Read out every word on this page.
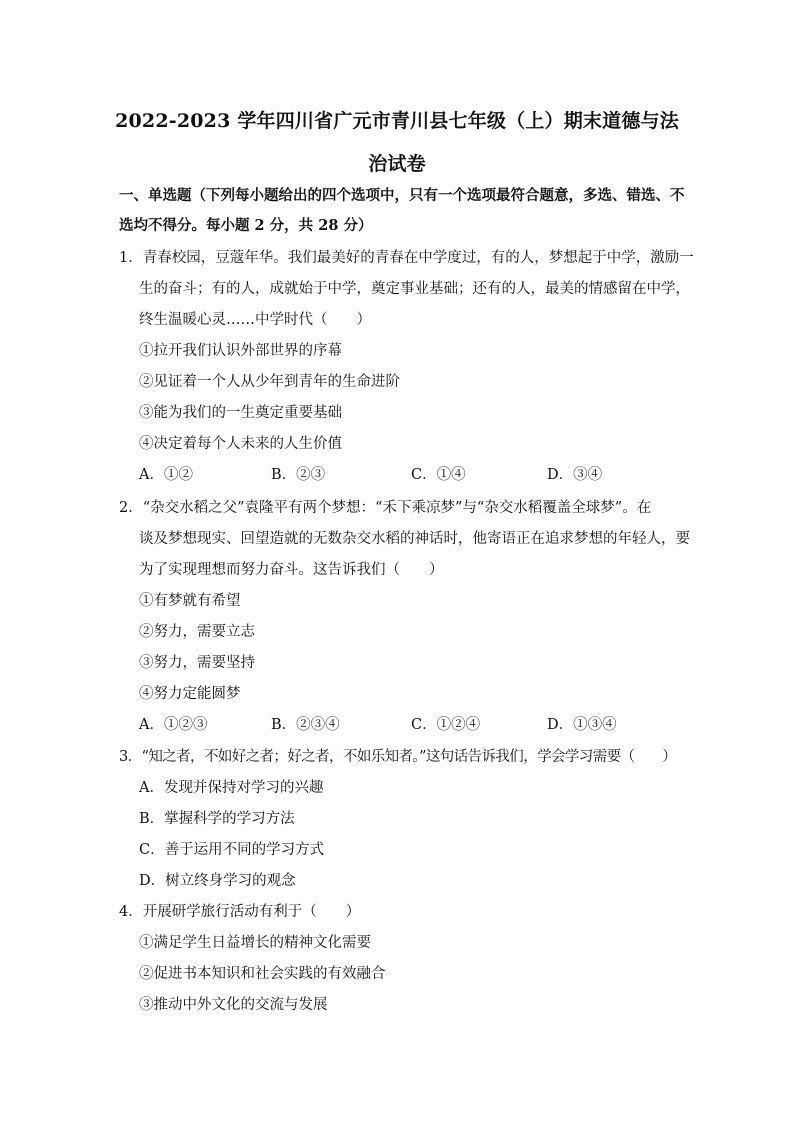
2022-2023 学年四川省广元市青川县七年级（上）期末道德与法
治试卷
一、单选题（下列每小题给出的四个选项中，只有一个选项最符合题意，多选、错选、不
选均不得分。每小题 2 分，共 28 分）
1．青春校园，豆蔻年华。我们最美好的青春在中学度过，有的人，梦想起于中学，激励一
生的奋斗；有的人，成就始于中学，奠定事业基础；还有的人，最美的情感留在中学，
终生温暖心灵……中学时代（　　）
①拉开我们认识外部世界的序幕
②见证着一个人从少年到青年的生命进阶
③能为我们的一生奠定重要基础
④决定着每个人未来的人生价值
A．①②	B．②③	C．①④	D．③④
2．“杂交水稻之父”袁隆平有两个梦想：“禾下乘凉梦”与“杂交水稻覆盖全球梦”。在
谈及梦想现实、回望造就的无数杂交水稻的神话时，他寄语正在追求梦想的年轻人，要
为了实现理想而努力奋斗。这告诉我们（　　）
①有梦就有希望
②努力，需要立志
③努力，需要坚持
④努力定能圆梦
A．①②③	B．②③④	C．①②④	D．①③④
3．“知之者，不如好之者；好之者，不如乐知者。”这句话告诉我们，学会学习需要（　　）
A．发现并保持对学习的兴趣
B．掌握科学的学习方法
C．善于运用不同的学习方式
D．树立终身学习的观念
4．开展研学旅行活动有利于（　　）
①满足学生日益增长的精神文化需要
②促进书本知识和社会实践的有效融合
③推动中外文化的交流与发展
